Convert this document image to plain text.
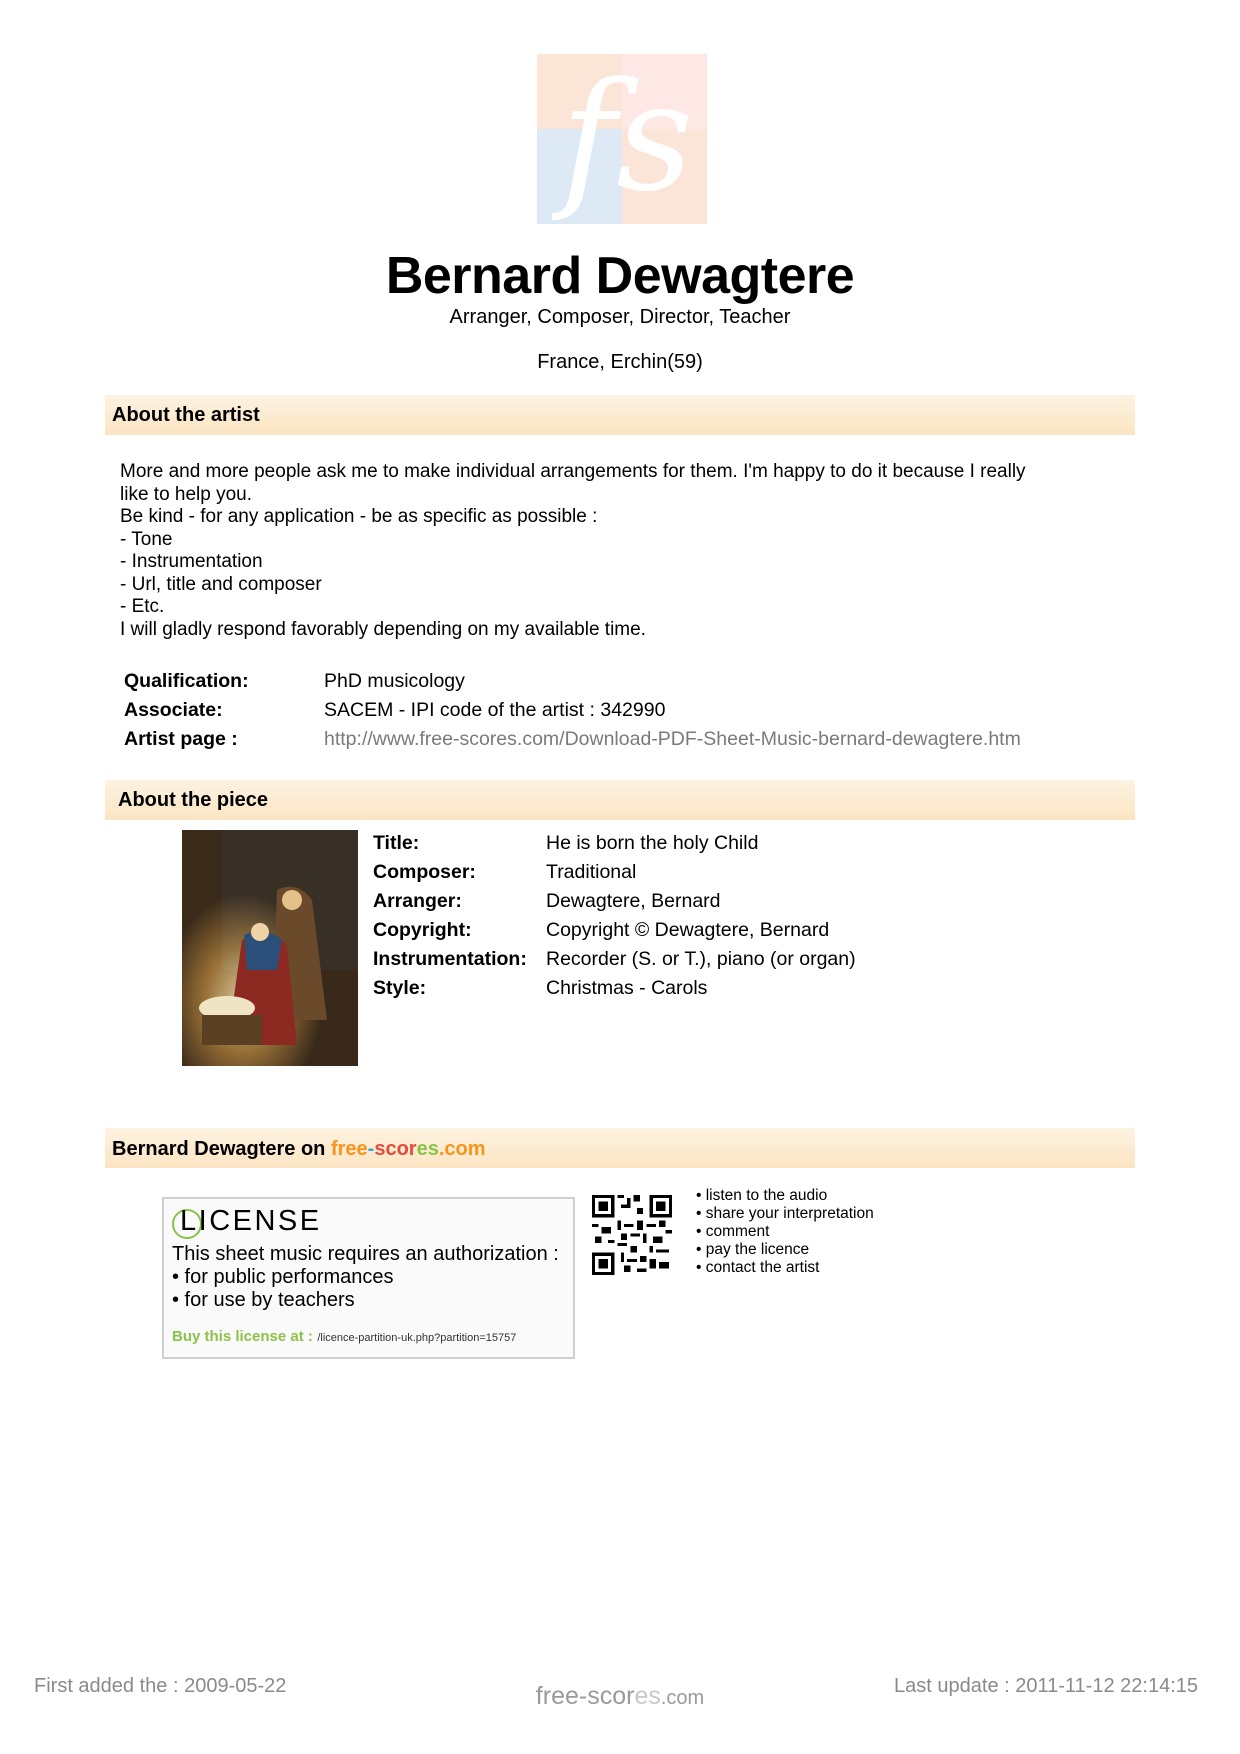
fs
Bernard Dewagtere
Arranger, Composer, Director, Teacher
France, Erchin(59)
About the artist
More and more people ask me to make individual arrangements for them. I'm happy to do it because I really
like to help you.
Be kind - for any application - be as specific as possible :
- Tone
- Instrumentation
- Url, title and composer
- Etc.
I will gladly respond favorably depending on my available time.
Qualification:	PhD musicology
Associate:	SACEM - IPI code of the artist : 342990
Artist page :	http://www.free-scores.com/Download-PDF-Sheet-Music-bernard-dewagtere.htm
About the piece
Title:	He is born the holy Child
Composer:	Traditional
Arranger:	Dewagtere, Bernard
Copyright:	Copyright © Dewagtere, Bernard
Instrumentation: Recorder (S. or T.), piano (or organ)
Style:	Christmas - Carols
Bernard Dewagtere on free-scores.com
LICENSE
This sheet music requires an authorization :
• for public performances
• for use by teachers
Buy this license at : /licence-partition-uk.php?partition=15757
• listen to the audio
• share your interpretation
• comment
• pay the licence
• contact the artist
First added the : 2009-05-22	free-scores.com
Last update : 2011-11-12 22:14:15
